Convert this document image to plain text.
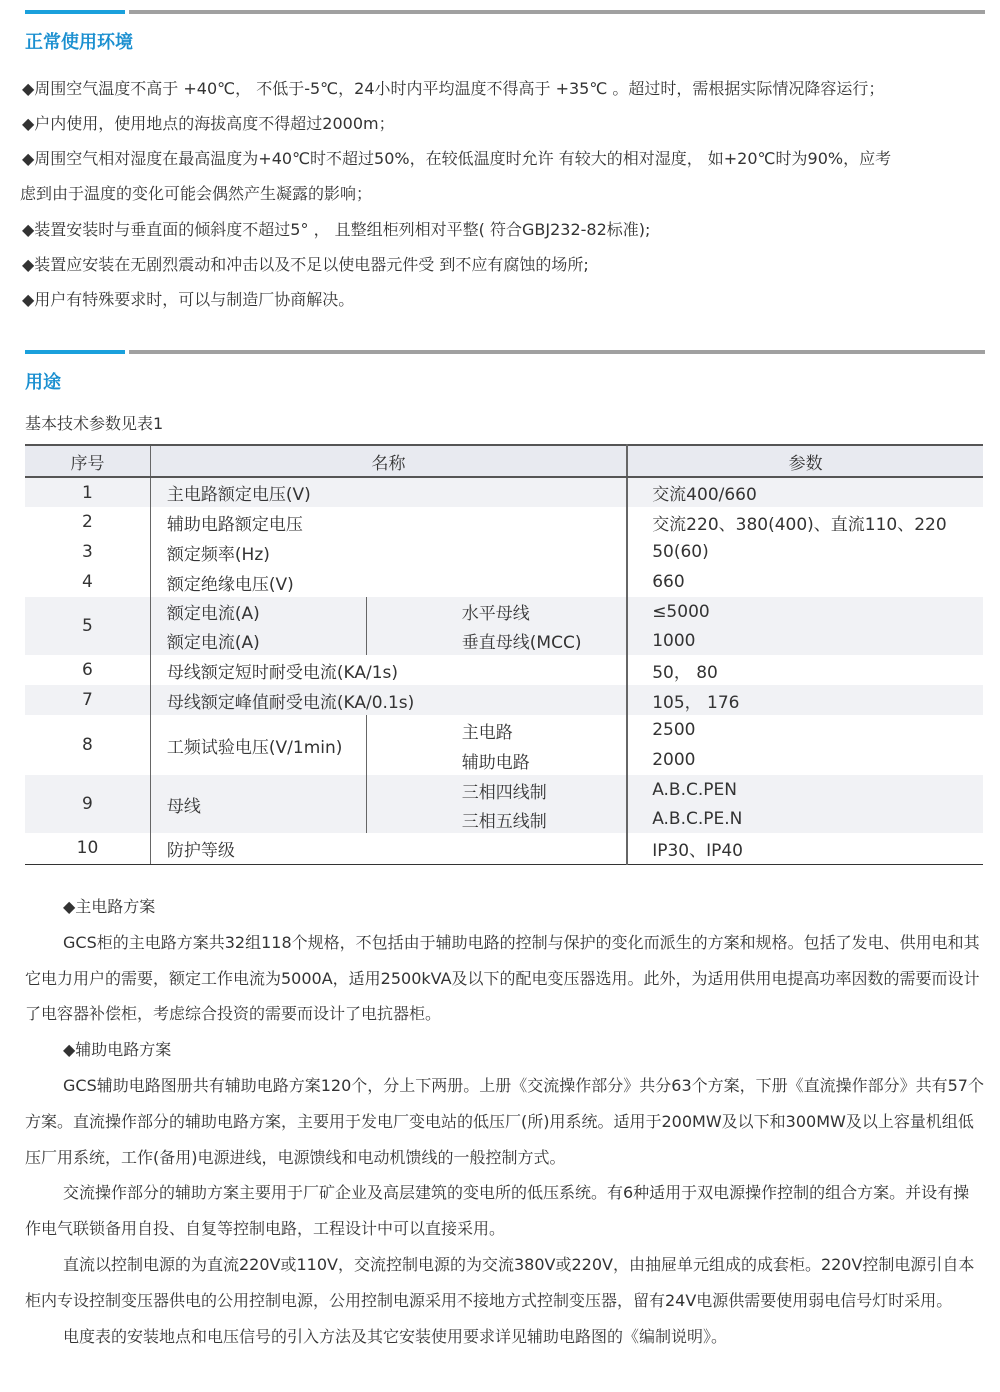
正常使用环境
◆周围空气温度不高于 +40℃， 不低于-5℃，24小时内平均温度不得高于 +35℃ 。超过时，需根据实际情况降容运行；
◆户内使用，使用地点的海拔高度不得超过2000m；
◆周围空气相对湿度在最高温度为+40℃时不超过50%，在较低温度时允许 有较大的相对湿度， 如+20℃时为90%，应考
虑到由于温度的变化可能会偶然产生凝露的影响；
◆装置安装时与垂直面的倾斜度不超过5° ， 且整组柜列相对平整( 符合GBJ232-82标准);
◆装置应安装在无剧烈震动和冲击以及不足以使电器元件受 到不应有腐蚀的场所;
◆用户有特殊要求时，可以与制造厂协商解决。
用途
基本技术参数见表1
序号	名称		参数
1	主电路额定电压(V)		交流400/660
2	辅助电路额定电压		交流220、380(400)、直流110、220
3	额定频率(Hz)		50(60)
4	额定绝缘电压(V)		660
5	额定电流(A)	水平母线	≤5000
	额定电流(A)	垂直母线(MCC)	1000
6	母线额定短时耐受电流(KA/1s)		50， 80
7	母线额定峰值耐受电流(KA/0.1s)		105， 176
8	工频试验电压(V/1min)	主电路	2500
		辅助电路	2000
9	母线	三相四线制	A.B.C.PEN
		三相五线制	A.B.C.PE.N
10	防护等级		IP30、IP40

◆主电路方案

GCS柜的主电路方案共32组118个规格，不包括由于辅助电路的控制与保护的变化而派生的方案和规格。包括了发电、供用电和其它电力用户的需要，额定工作电流为5000A，适用2500kVA及以下的配电变压器选用。此外，为适用供用电提高功率因数的需要而设计了电容器补偿柜，考虑综合投资的需要而设计了电抗器柜。

◆辅助电路方案

GCS辅助电路图册共有辅助电路方案120个，分上下两册。上册《交流操作部分》共分63个方案，下册《直流操作部分》共有57个方案。直流操作部分的辅助电路方案，主要用于发电厂变电站的低压厂(所)用系统。适用于200MW及以下和300MW及以上容量机组低压厂用系统，工作(备用)电源进线，电源馈线和电动机馈线的一般控制方式。

交流操作部分的辅助方案主要用于厂矿企业及高层建筑的变电所的低压系统。有6种适用于双电源操作控制的组合方案。并设有操作电气联锁备用自投、自复等控制电路，工程设计中可以直接采用。

直流以控制电源的为直流220V或110V，交流控制电源的为交流380V或220V，由抽屉单元组成的成套柜。220V控制电源引自本柜内专设控制变压器供电的公用控制电源，公用控制电源采用不接地方式控制变压器，留有24V电源供需要使用弱电信号灯时采用。

电度表的安装地点和电压信号的引入方法及其它安装使用要求详见辅助电路图的《编制说明》。
